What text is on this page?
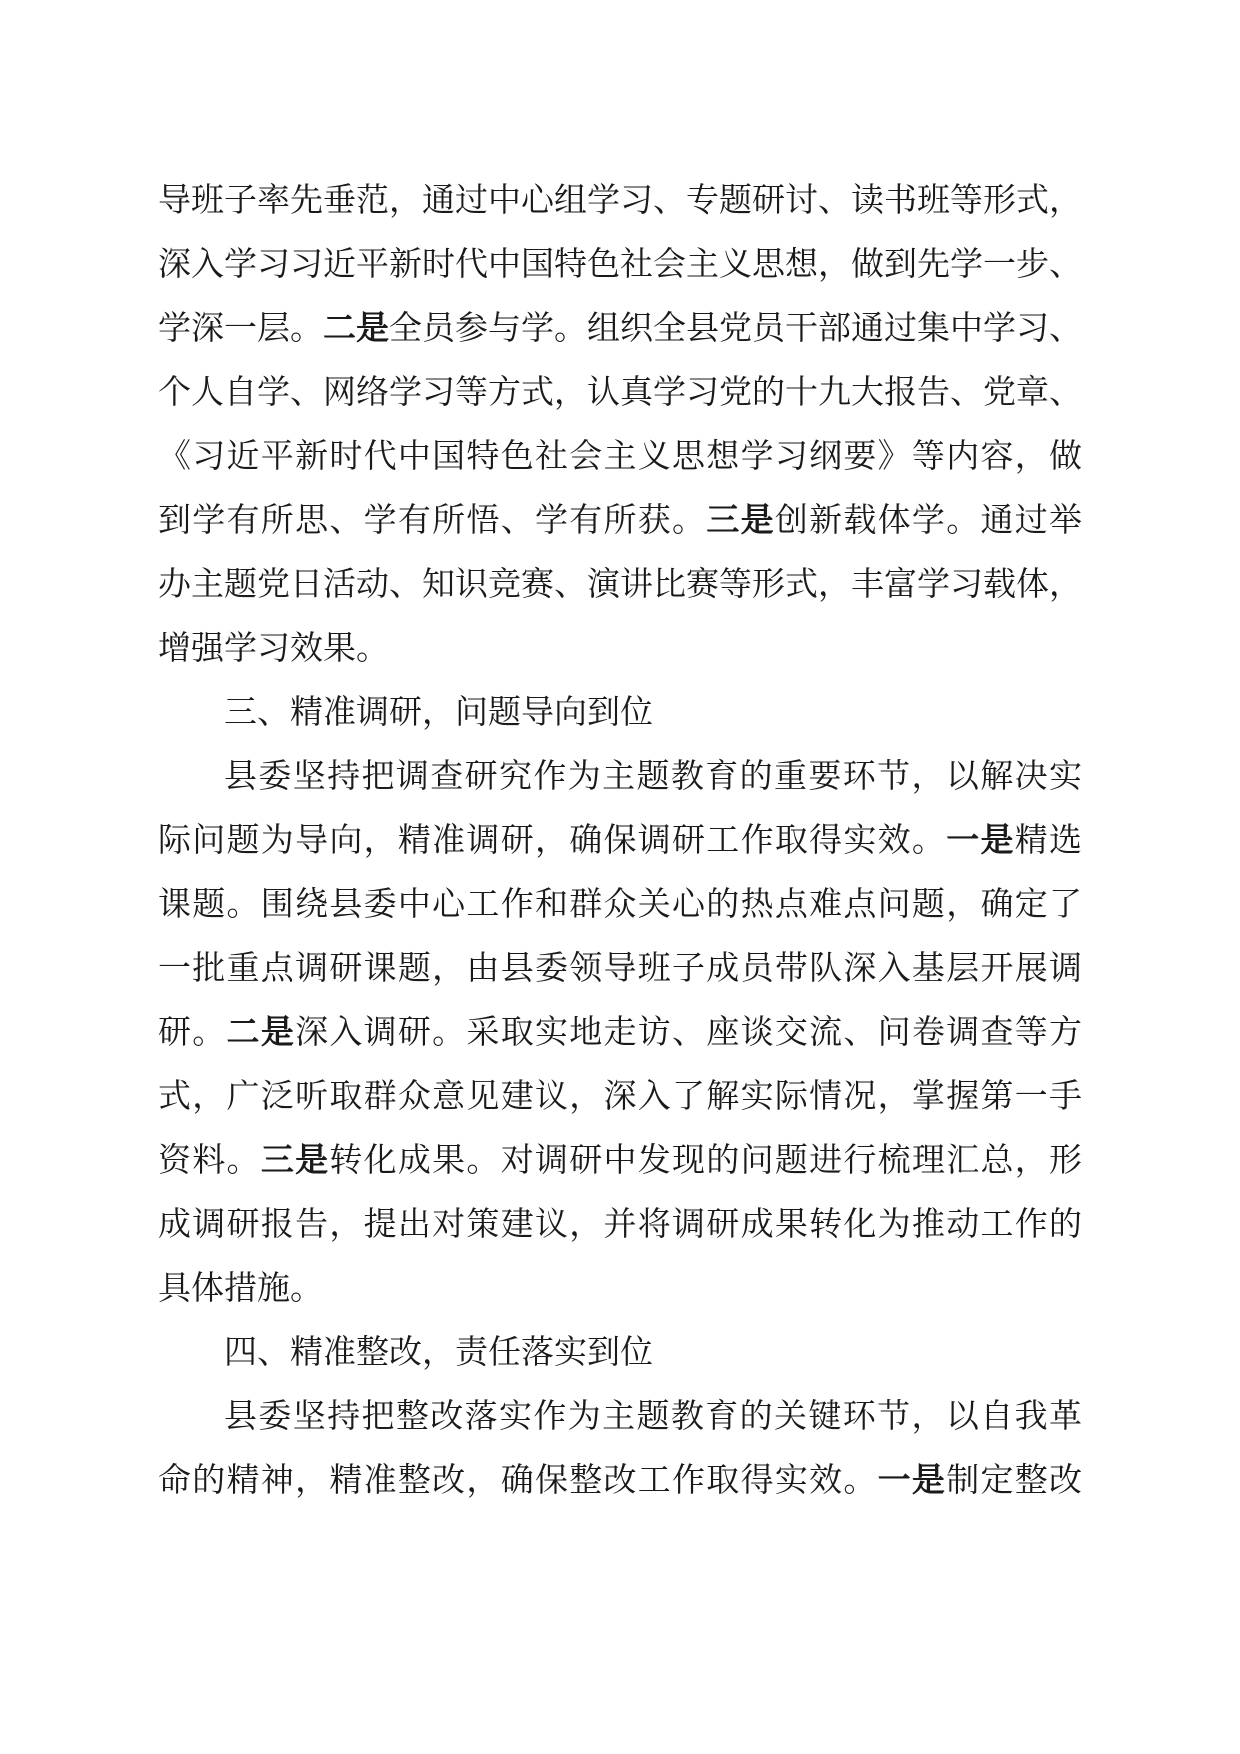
导班子率先垂范，通过中心组学习、专题研讨、读书班等形式，
深入学习习近平新时代中国特色社会主义思想，做到先学一步、
学深一层。二是全员参与学。组织全县党员干部通过集中学习、
个人自学、网络学习等方式，认真学习党的十九大报告、党章、
《习近平新时代中国特色社会主义思想学习纲要》等内容，做
到学有所思、学有所悟、学有所获。三是创新载体学。通过举
办主题党日活动、知识竞赛、演讲比赛等形式，丰富学习载体，
增强学习效果。
三、精准调研，问题导向到位
县委坚持把调查研究作为主题教育的重要环节，以解决实
际问题为导向，精准调研，确保调研工作取得实效。一是精选
课题。围绕县委中心工作和群众关心的热点难点问题，确定了
一批重点调研课题，由县委领导班子成员带队深入基层开展调
研。二是深入调研。采取实地走访、座谈交流、问卷调查等方
式，广泛听取群众意见建议，深入了解实际情况，掌握第一手
资料。三是转化成果。对调研中发现的问题进行梳理汇总，形
成调研报告，提出对策建议，并将调研成果转化为推动工作的
具体措施。
四、精准整改，责任落实到位
县委坚持把整改落实作为主题教育的关键环节，以自我革
命的精神，精准整改，确保整改工作取得实效。一是制定整改
